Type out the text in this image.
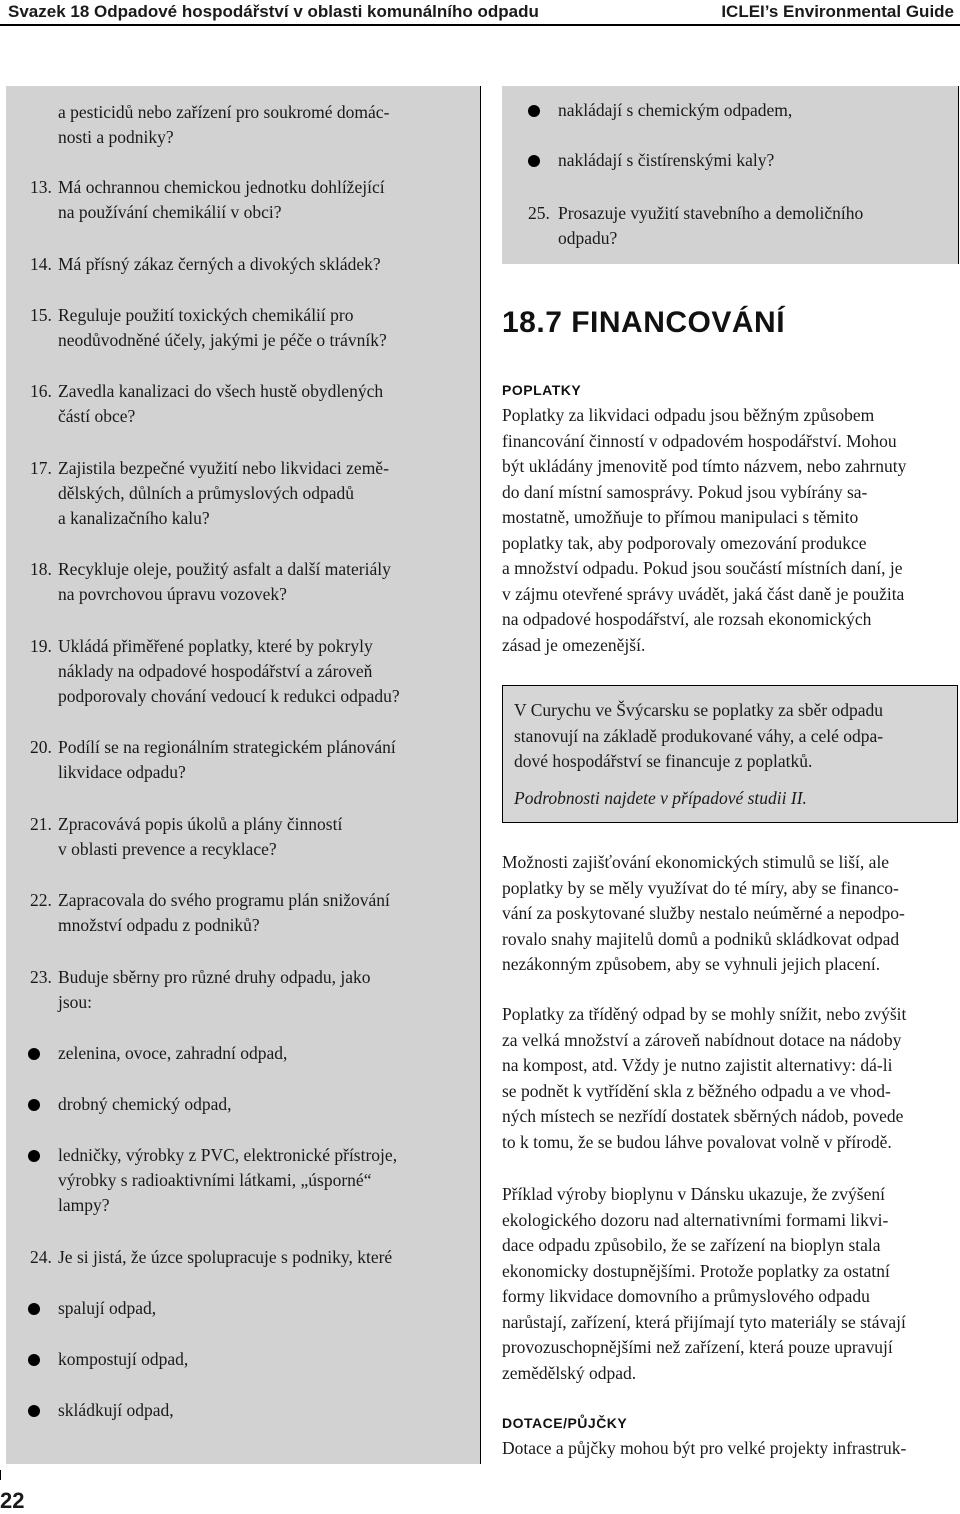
Svazek 18 Odpadové hospodářství v oblasti komunálního odpadu	ICLEI’s Environmental Guide
a pesticidů nebo zařízení pro soukromé domác-
nosti a podniky?
13. Má ochrannou chemickou jednotku dohlížející
na používání chemikálií v obci?
14. Má přísný zákaz černých a divokých skládek?
15. Reguluje použití toxických chemikálií pro
neodůvodněné účely, jakými je péče o trávník?
16. Zavedla kanalizaci do všech hustě obydlených
částí obce?
17. Zajistila bezpečné využití nebo likvidaci země-
dělských, důlních a průmyslových odpadů
a kanalizačního kalu?
18. Recykluje oleje, použitý asfalt a další materiály
na povrchovou úpravu vozovek?
19. Ukládá přiměřené poplatky, které by pokryly
náklady na odpadové hospodářství a zároveň
podporovaly chování vedoucí k redukci odpadu?
20. Podílí se na regionálním strategickém plánování
likvidace odpadu?
21. Zpracovává popis úkolů a plány činností
v oblasti prevence a recyklace?
22. Zapracovala do svého programu plán snižování
množství odpadu z podniků?
23. Buduje sběrny pro různé druhy odpadu, jako
jsou:
zelenina, ovoce, zahradní odpad,
drobný chemický odpad,
ledničky, výrobky z PVC, elektronické přístroje,
výrobky s radioaktivními látkami, „úsporné“
lampy?
24. Je si jistá, že úzce spolupracuje s podniky, které
spalují odpad,
kompostují odpad,
skládkují odpad,
nakládají s chemickým odpadem,
nakládají s čistírenskými kaly?
25. Prosazuje využití stavebního a demoličního
odpadu?
18.7 FINANCOVÁNÍ
POPLATKY
Poplatky za likvidaci odpadu jsou běžným způsobem
financování činností v odpadovém hospodářství. Mohou
být ukládány jmenovitě pod tímto názvem, nebo zahrnuty
do daní místní samosprávy. Pokud jsou vybírány sa-
mostatně, umožňuje to přímou manipulaci s těmito
poplatky tak, aby podporovaly omezování produkce
a množství odpadu. Pokud jsou součástí místních daní, je
v zájmu otevřené správy uvádět, jaká část daně je použita
na odpadové hospodářství, ale rozsah ekonomických
zásad je omezenější.
V Curychu ve Švýcarsku se poplatky za sběr odpadu
stanovují na základě produkované váhy, a celé odpa-
dové hospodářství se financuje z poplatků.
Podrobnosti najdete v případové studii II.
Možnosti zajišťování ekonomických stimulů se liší, ale
poplatky by se měly využívat do té míry, aby se financo-
vání za poskytované služby nestalo neúměrné a nepodpo-
rovalo snahy majitelů domů a podniků skládkovat odpad
nezákonným způsobem, aby se vyhnuli jejich placení.
Poplatky za tříděný odpad by se mohly snížit, nebo zvýšit
za velká množství a zároveň nabídnout dotace na nádoby
na kompost, atd. Vždy je nutno zajistit alternativy: dá-li
se podnět k vytřídění skla z běžného odpadu a ve vhod-
ných místech se nezřídí dostatek sběrných nádob, povede
to k tomu, že se budou láhve povalovat volně v přírodě.
Příklad výroby bioplynu v Dánsku ukazuje, že zvýšení
ekologického dozoru nad alternativními formami likvi-
dace odpadu způsobilo, že se zařízení na bioplyn stala
ekonomicky dostupnějšími. Protože poplatky za ostatní
formy likvidace domovního a průmyslového odpadu
narůstají, zařízení, která přijímají tyto materiály se stávají
provozuschopnějšími než zařízení, která pouze upravují
zemědělský odpad.
DOTACE/PŮJČKY
Dotace a půjčky mohou být pro velké projekty infrastruk-
22
